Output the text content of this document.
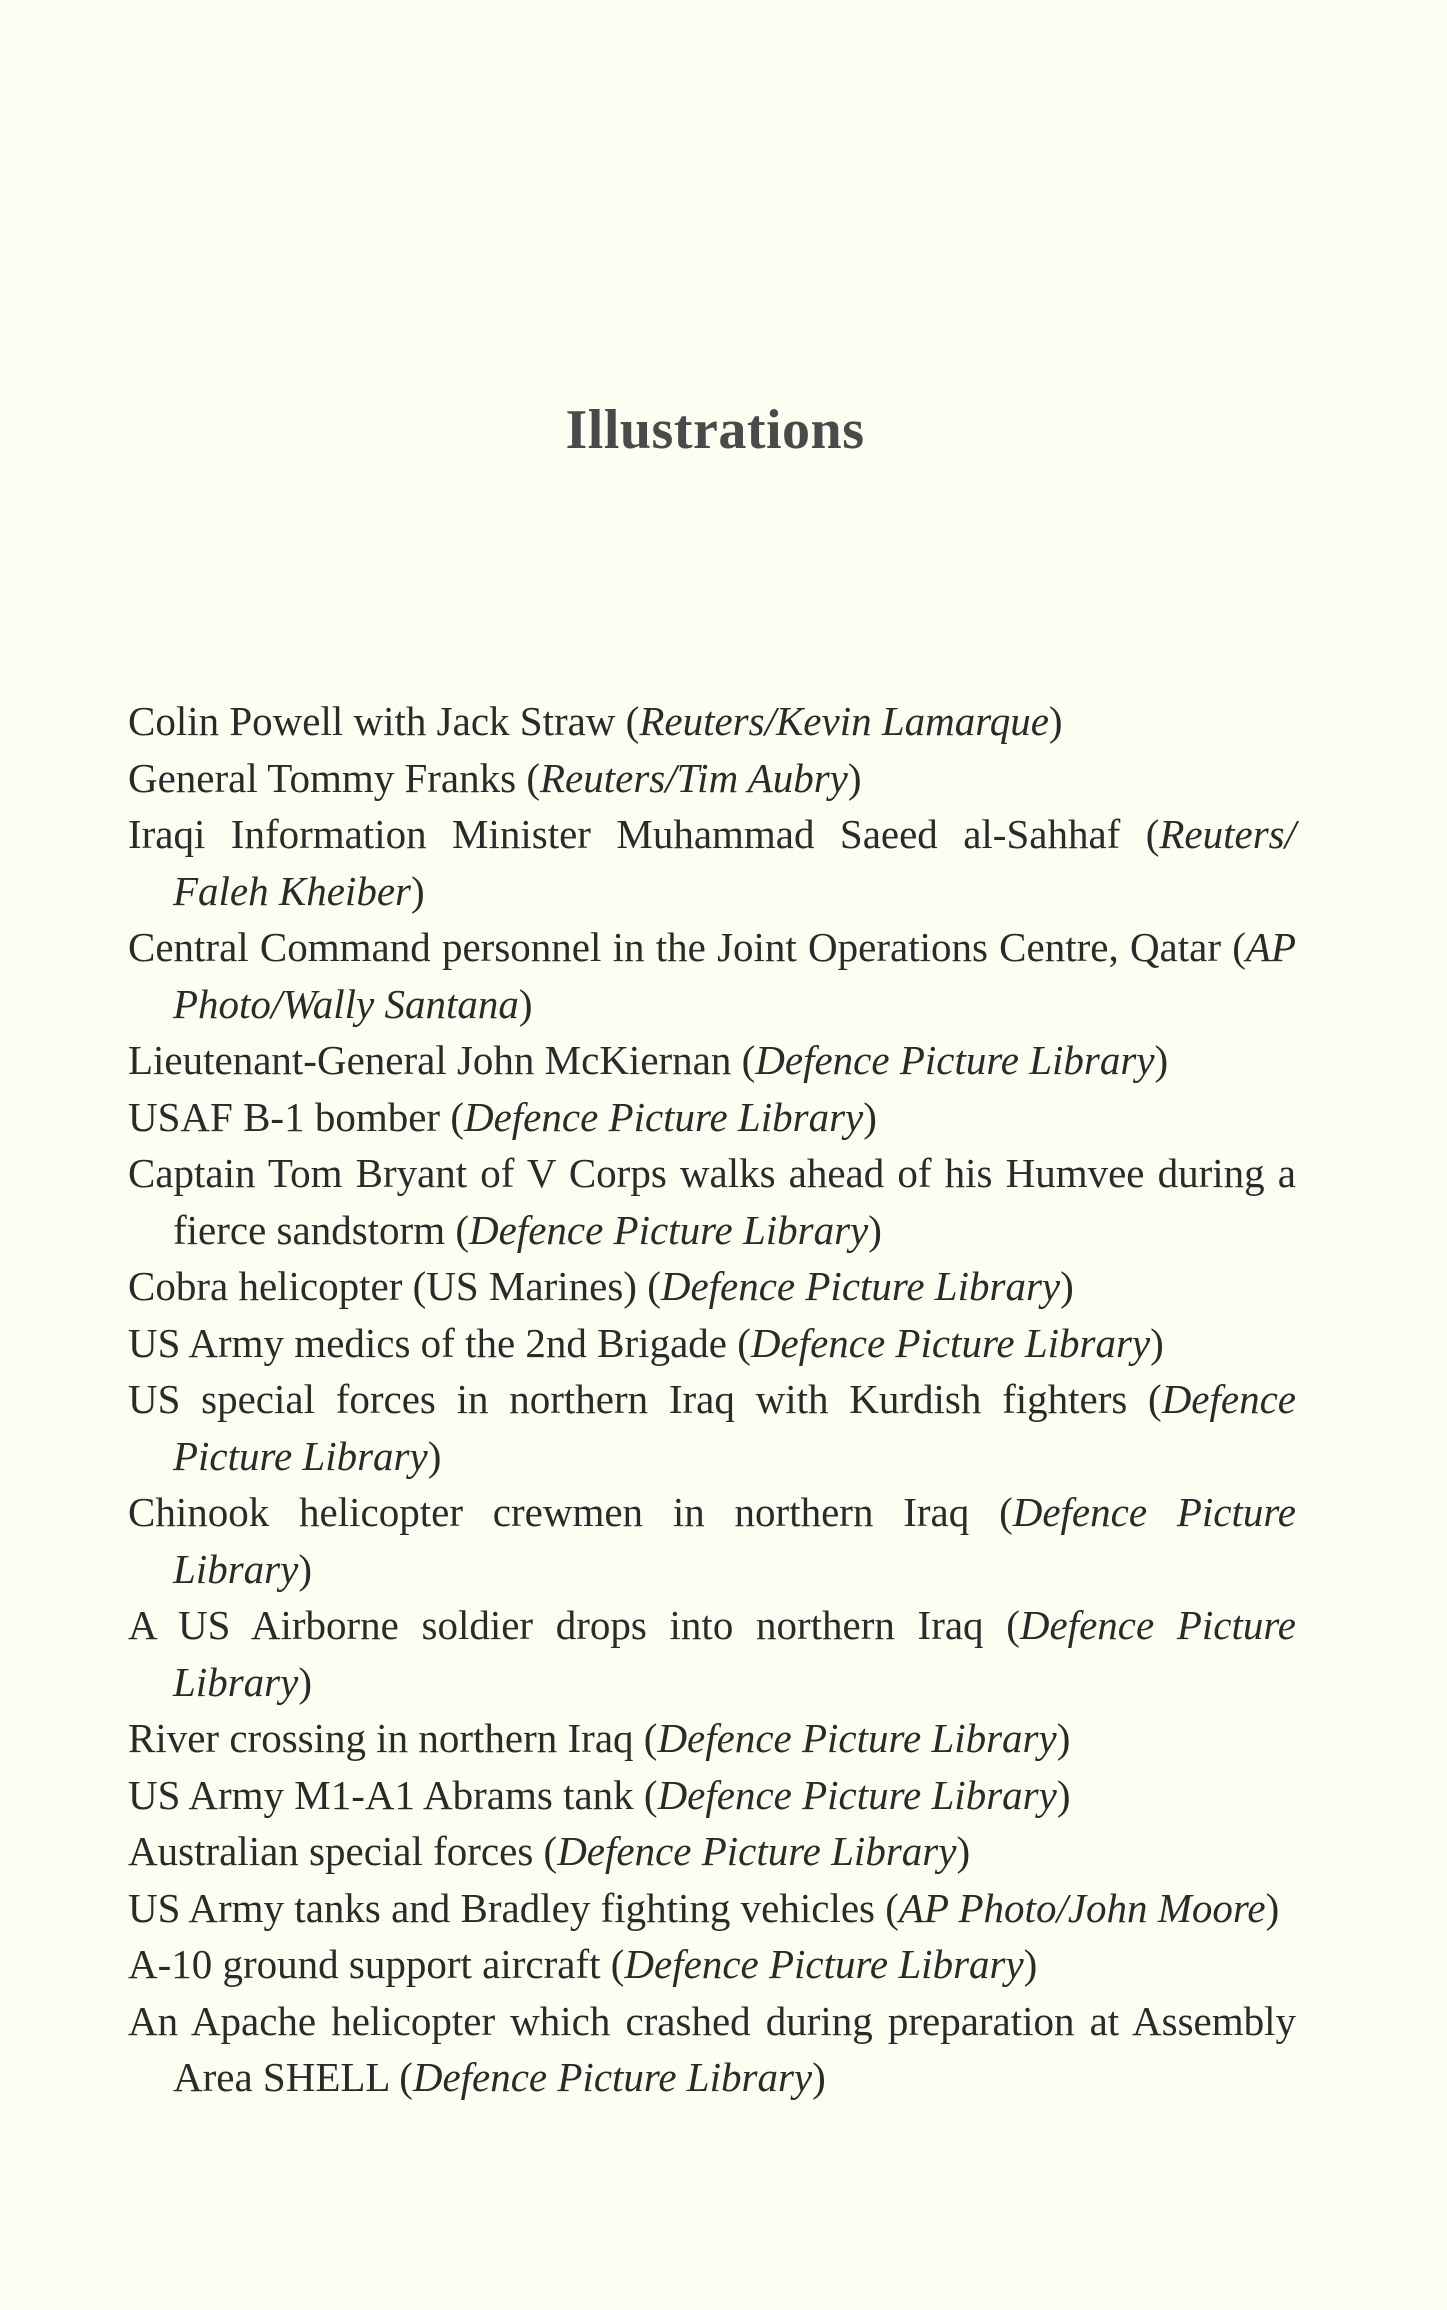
Illustrations
Colin Powell with Jack Straw (Reuters/Kevin Lamarque)
General Tommy Franks (Reuters/Tim Aubry)
Iraqi Information Minister Muhammad Saeed al-Sahhaf (Reuters/ Faleh Kheiber)
Central Command personnel in the Joint Operations Centre, Qatar (AP Photo/Wally Santana)
Lieutenant-General John McKiernan (Defence Picture Library)
USAF B-1 bomber (Defence Picture Library)
Captain Tom Bryant of V Corps walks ahead of his Humvee during a fierce sandstorm (Defence Picture Library)
Cobra helicopter (US Marines) (Defence Picture Library)
US Army medics of the 2nd Brigade (Defence Picture Library)
US special forces in northern Iraq with Kurdish fighters (Defence Picture Library)
Chinook helicopter crewmen in northern Iraq (Defence Picture Library)
A US Airborne soldier drops into northern Iraq (Defence Picture Library)
River crossing in northern Iraq (Defence Picture Library)
US Army M1-A1 Abrams tank (Defence Picture Library)
Australian special forces (Defence Picture Library)
US Army tanks and Bradley fighting vehicles (AP Photo/John Moore)
A-10 ground support aircraft (Defence Picture Library)
An Apache helicopter which crashed during preparation at Assembly Area SHELL (Defence Picture Library)
